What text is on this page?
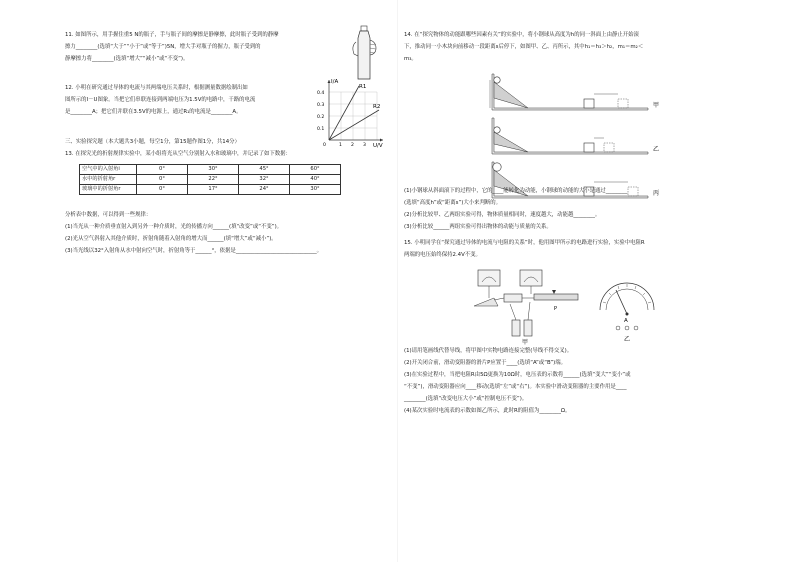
11. 如图所示，用手握住重5 N的瓶子，手与瓶子间的摩擦是静摩擦，此时瓶子受到的静摩
擦力________(选填“大于”“小于”或“等于”)5N，增大手对瓶子的握力，瓶子受到的
静摩擦力将________(选填“增大”“减小”或“不变”)。
12. 小明在研究通过导体的电流与其两端电压关系时，根据测量数据绘制出如
图所示的I－U图象。当把它们串联连接到两端电压为1.5V的电路中，干路的电流
是________A；把它们并联在3.5V的电源上，通过R₁的电流是________A。
I/A
U/V
R1
R2
0.4
0.3
0.2
0.1
0	1 2 3
三、实验探究题（本大题共3小题，每空1分，第15题作图1分，共14分）
13. 在探究光的折射规律实验中，某小组将光从空气分别射入水和玻璃中，并记录了如下数据：
空气中的入射角i	0°	30°	45°	60°
水中的折射角r	0°	22°	32°	40°
玻璃中的折射角r	0°	17°	24°	30°
分析表中数据，可以得到一些规律：
(1)当光从一种介质垂直射入到另外一种介质时，光的传播方向______(填“改变”或“不变”)。
(2)光从空气斜射入其他介质时，折射角随着入射角的增大而______(填“增大”或“减小”)。
(3)当光线以32°入射角从水中射向空气时，折射角等于______°，依据是______________________________。
14. 在“探究物体的动能跟哪些因素有关”的实验中，将小钢球从高度为h的同一斜面上由静止开始滚
下，推动同一小木块向前移动一段距离s后停下，如图甲、乙、丙所示，其中h₁＝h₃＞h₂，m₁＝m₂＜
m₃。
甲
乙
丙
(1)小钢球从斜面滚下的过程中，它的____能转化为动能，小钢球的动能的大小是通过________
(选填“高度h”或“距离s”)大小来判断的。
(2)分析比较甲、乙两组实验可得，物体质量相同时，速度越大，动能越________。
(3)分析比较______两组实验可得出物体的动能与质量的关系。
15. 小明同学在“探究通过导体的电流与电阻的关系”时，他用图甲所示的电路进行实验，实验中电阻R
两端的电压始终保持2.4V不变。
P
甲
A
乙
(1)请用笔画线代替导线，将甲图中实物电路连接完整(导线不得交叉)。
(2)开关闭合前，滑动变阻器的滑片P应置于____(选填“A”或“B”)端。
(3)在实验过程中，当把电阻R由5Ω更换为10Ω时，电压表的示数将______(选填“变大”“变小”或
“不变”)，滑动变阻器应向____移动(选填“左”或“右”)。本实验中滑动变阻器的主要作用是____
________(选填“改变电压大小”或“控制电压不变”)。
(4)某次实验时电流表的示数如图乙所示，此时R的阻值为________Ω。
